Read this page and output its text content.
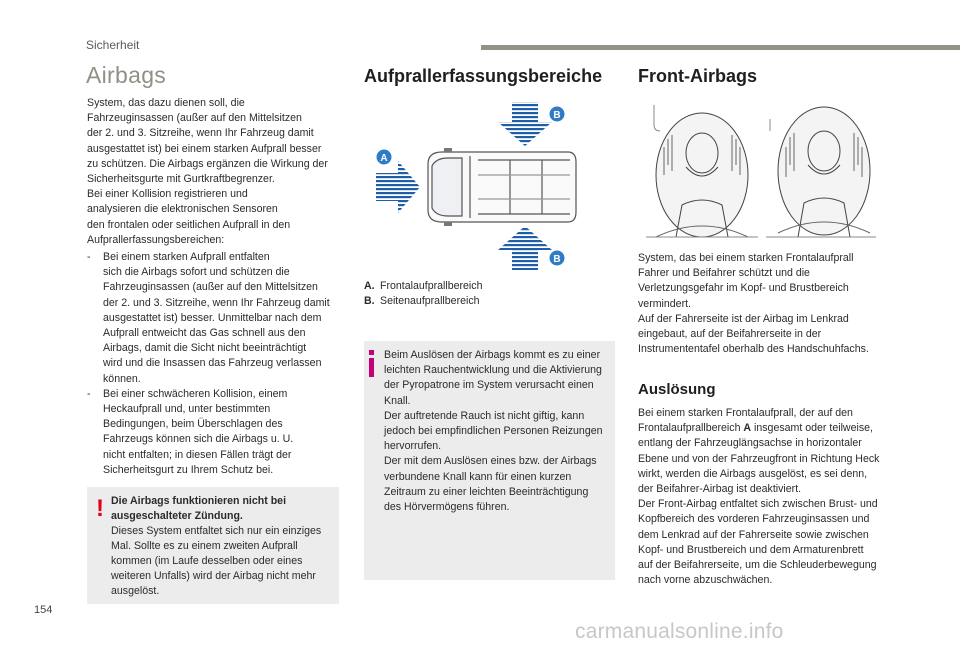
Sicherheit
Airbags

System, das dazu dienen soll, die

Fahrzeuginsassen (außer auf den Mittelsitzen

der 2. und 3. Sitzreihe, wenn Ihr Fahrzeug damit

ausgestattet ist) bei einem starken Aufprall besser

zu schützen. Die Airbags ergänzen die Wirkung der

Sicherheitsgurte mit Gurtkraftbegrenzer.

Bei einer Kollision registrieren und

analysieren die elektronischen Sensoren

den frontalen oder seitlichen Aufprall in den

Aufprallerfassungsbereichen:

-	Bei einem starken Aufprall entfalten

sich die Airbags sofort und schützen die

Fahrzeuginsassen (außer auf den Mittelsitzen

der 2. und 3. Sitzreihe, wenn Ihr Fahrzeug damit

ausgestattet ist) besser. Unmittelbar nach dem

Aufprall entweicht das Gas schnell aus den

Airbags, damit die Sicht nicht beeinträchtigt

wird und die Insassen das Fahrzeug verlassen

können.

-	Bei einer schwächeren Kollision, einem

Heckaufprall und, unter bestimmten

Bedingungen, beim Überschlagen des

Fahrzeugs können sich die Airbags u. U.

nicht entfalten; in diesen Fällen trägt der

Sicherheitsgurt zu Ihrem Schutz bei.

! Die Airbags funktionieren nicht bei

ausgeschalteter Zündung.

Dieses System entfaltet sich nur ein einziges

Mal. Sollte es zu einem zweiten Aufprall

kommen (im Laufe desselben oder eines

weiteren Unfalls) wird der Airbag nicht mehr

ausgelöst.

Aufprallerfassungsbereiche
B
A
B
A. Frontalaufprallbereich
B. Seitenaufprallbereich

Beim Auslösen der Airbags kommt es zu einer

leichten Rauchentwicklung und die Aktivierung

der Pyropatrone im System verursacht einen

Knall.

Der auftretende Rauch ist nicht giftig, kann

jedoch bei empfindlichen Personen Reizungen

hervorrufen.

Der mit dem Auslösen eines bzw. der Airbags

verbundene Knall kann für einen kurzen

Zeitraum zu einer leichten Beeinträchtigung

des Hörvermögens führen.

Front-Airbags

System, das bei einem starken Frontalaufprall

Fahrer und Beifahrer schützt und die

Verletzungsgefahr im Kopf- und Brustbereich

vermindert.

Auf der Fahrerseite ist der Airbag im Lenkrad

eingebaut, auf der Beifahrerseite in der

Instrumententafel oberhalb des Handschuhfachs.

Auslösung

Bei einem starken Frontalaufprall, der auf den

Frontalaufprallbereich A insgesamt oder teilweise,

entlang der Fahrzeuglängsachse in horizontaler

Ebene und von der Fahrzeugfront in Richtung Heck

wirkt, werden die Airbags ausgelöst, es sei denn,

der Beifahrer-Airbag ist deaktiviert.

Der Front-Airbag entfaltet sich zwischen Brust- und

Kopfbereich des vorderen Fahrzeuginsassen und

dem Lenkrad auf der Fahrerseite sowie zwischen

Kopf- und Brustbereich und dem Armaturenbrett

auf der Beifahrerseite, um die Schleuderbewegung

nach vorne abzuschwächen.

154
carmanualsonline.info
